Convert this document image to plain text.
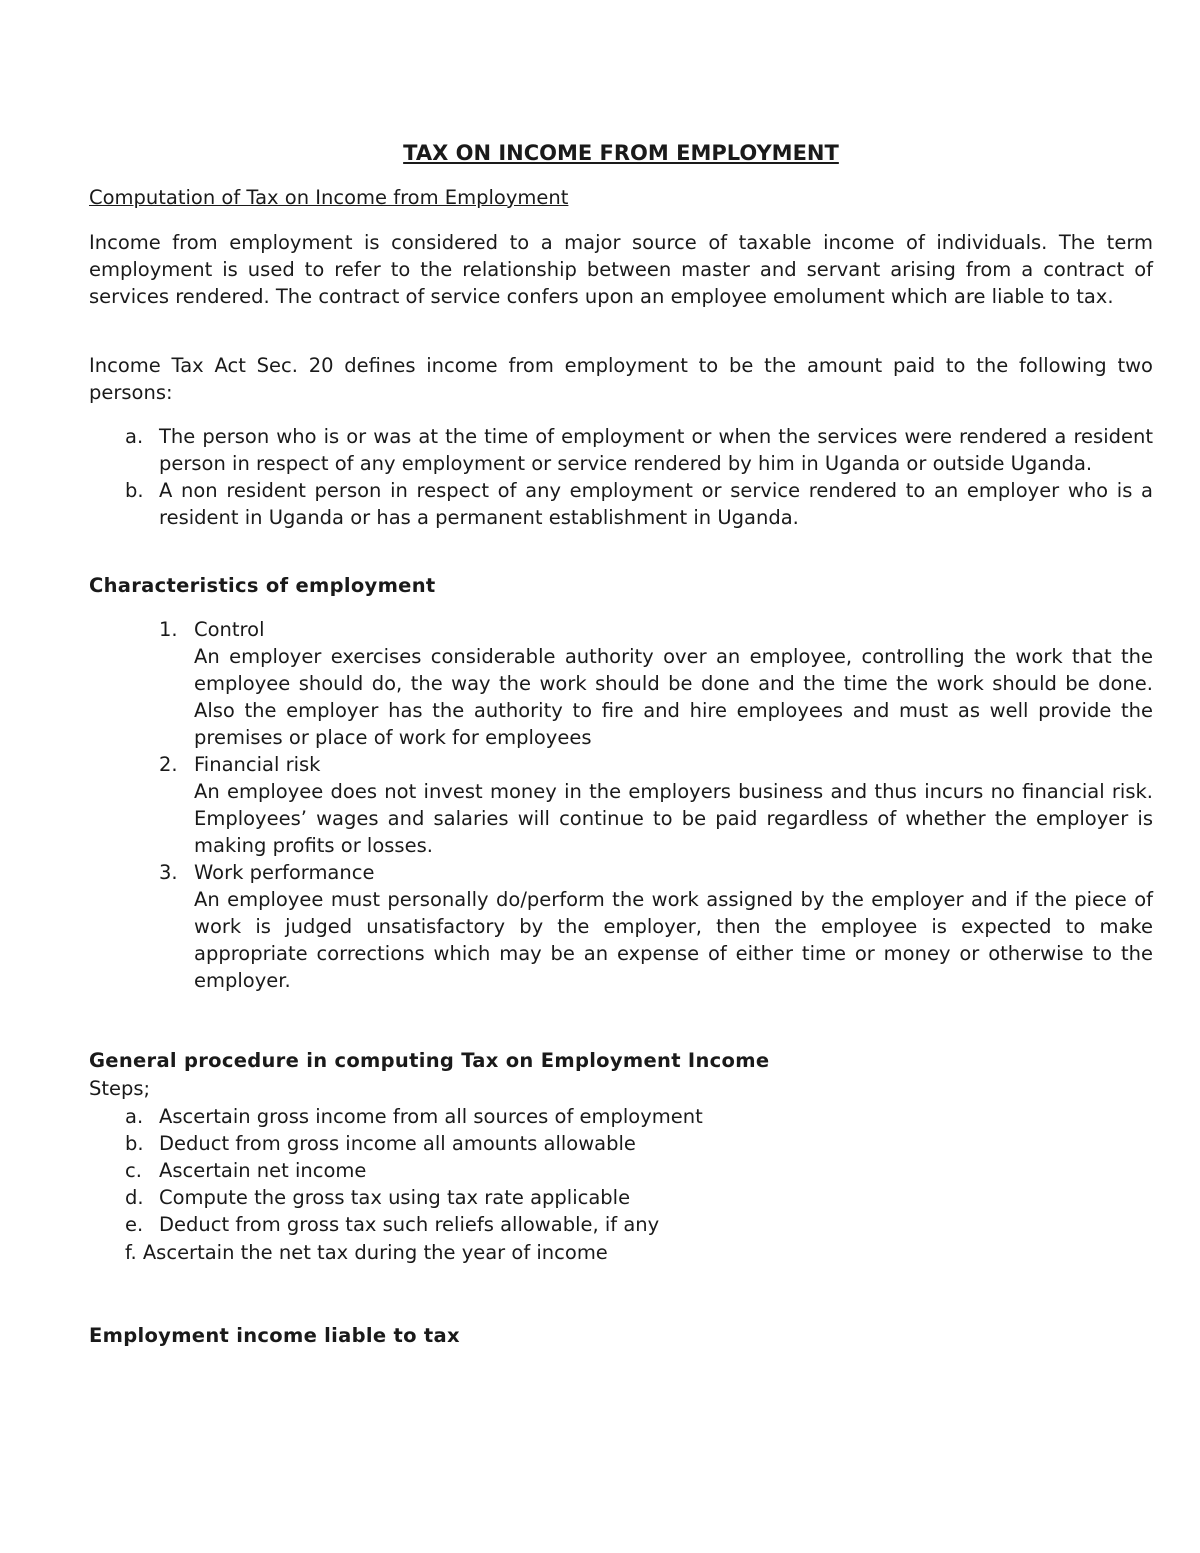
TAX ON INCOME FROM EMPLOYMENT
Computation of Tax on Income from Employment

Income from employment is considered to a major source of taxable income of individuals. The term employment is used to refer to the relationship between master and servant arising from a contract of services rendered. The contract of service confers upon an employee emolument which are liable to tax.

Income Tax Act Sec. 20 defines income from employment to be the amount paid to the following two persons:

a. The person who is or was at the time of employment or when the services were rendered a resident person in respect of any employment or service rendered by him in Uganda or outside Uganda.
b. A non resident person in respect of any employment or service rendered to an employer who is a resident in Uganda or has a permanent establishment in Uganda.
Characteristics of employment
1. Control
An employer exercises considerable authority over an employee, controlling the work that the employee should do, the way the work should be done and the time the work should be done. Also the employer has the authority to fire and hire employees and must as well provide the premises or place of work for employees
2. Financial risk
An employee does not invest money in the employers business and thus incurs no financial risk. Employees’ wages and salaries will continue to be paid regardless of whether the employer is making profits or losses.
3. Work performance
An employee must personally do/perform the work assigned by the employer and if the piece of work is judged unsatisfactory by the employer, then the employee is expected to make appropriate corrections which may be an expense of either time or money or otherwise to the employer.
General procedure in computing Tax on Employment Income
Steps;
a. Ascertain gross income from all sources of employment
b. Deduct from gross income all amounts allowable
c. Ascertain net income
d. Compute the gross tax using tax rate applicable
e. Deduct from gross tax such reliefs allowable, if any
f. Ascertain the net tax during the year of income
Employment income liable to tax
